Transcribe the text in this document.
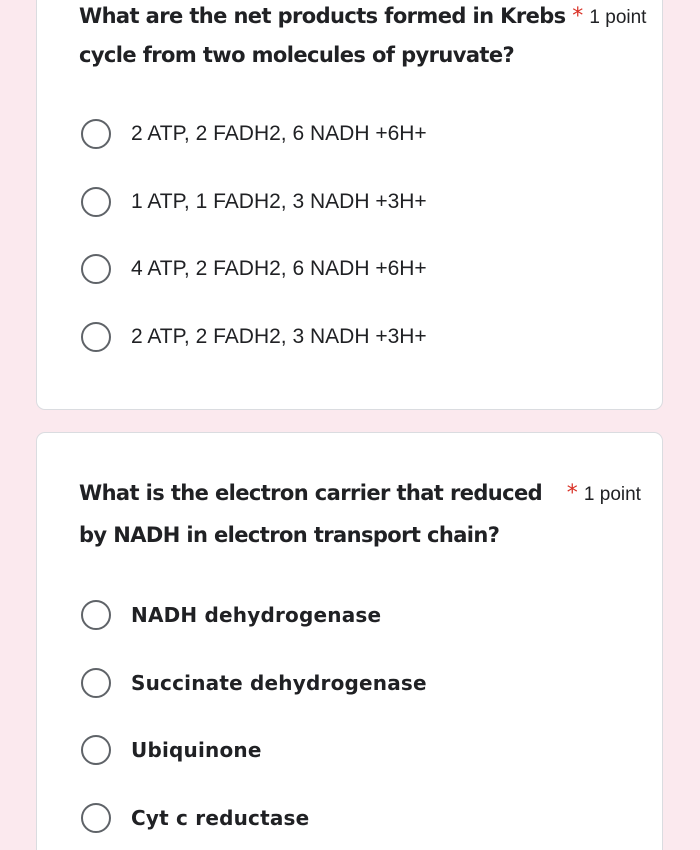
What are the net products formed in Krebs * 1 point
cycle from two molecules of pyruvate?
2 ATP, 2 FADH2, 6 NADH +6H+
1 ATP, 1 FADH2, 3 NADH +3H+
4 ATP, 2 FADH2, 6 NADH +6H+
2 ATP, 2 FADH2, 3 NADH +3H+
What is the electron carrier that reduced * 1 point
by NADH in electron transport chain?
NADH dehydrogenase
Succinate dehydrogenase
Ubiquinone
Cyt c reductase
